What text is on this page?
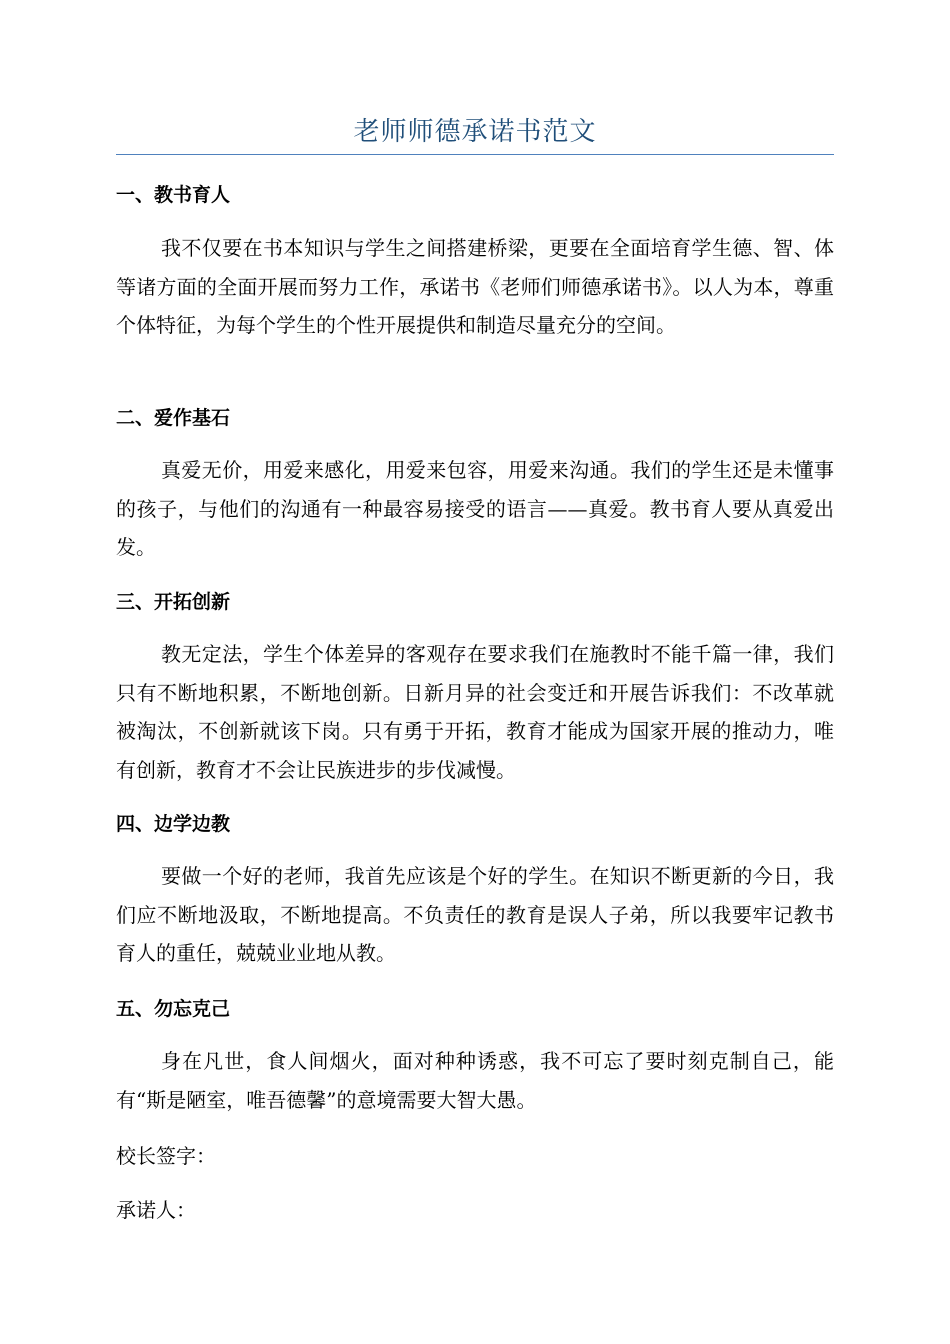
老师师德承诺书范文
一、教书育人

我不仅要在书本知识与学生之间搭建桥梁，更要在全面培育学生德、智、体等诸方面的全面开展而努力工作，承诺书《老师们师德承诺书》。以人为本，尊重个体特征，为每个学生的个性开展提供和制造尽量充分的空间。

二、爱作基石

真爱无价，用爱来感化，用爱来包容，用爱来沟通。我们的学生还是未懂事的孩子，与他们的沟通有一种最容易接受的语言——真爱。教书育人要从真爱出发。

三、开拓创新

教无定法，学生个体差异的客观存在要求我们在施教时不能千篇一律，我们只有不断地积累，不断地创新。日新月异的社会变迁和开展告诉我们：不改革就被淘汰，不创新就该下岗。只有勇于开拓，教育才能成为国家开展的推动力，唯有创新，教育才不会让民族进步的步伐减慢。

四、边学边教

要做一个好的老师，我首先应该是个好的学生。在知识不断更新的今日，我们应不断地汲取，不断地提高。不负责任的教育是误人子弟，所以我要牢记教书育人的重任，兢兢业业地从教。

五、勿忘克己

身在凡世，食人间烟火，面对种种诱惑，我不可忘了要时刻克制自己，能有“斯是陋室，唯吾德馨”的意境需要大智大愚。

校长签字：

承诺人：
